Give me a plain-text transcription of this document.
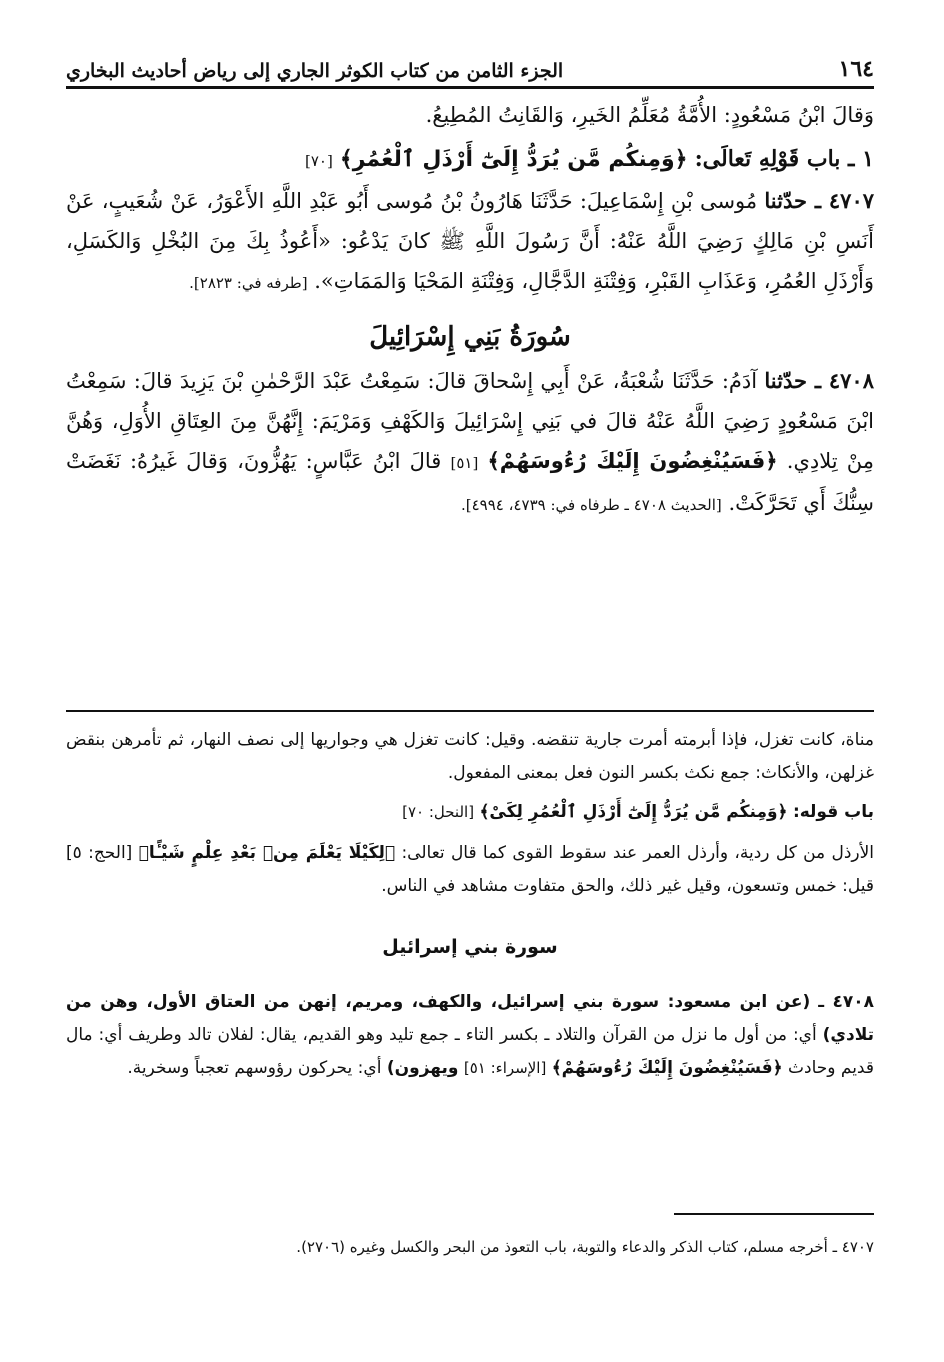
١٦٤
الجزء الثامن من كتاب الكوثر الجاري إلى رياض أحاديث البخاري

وَقالَ ابْنُ مَسْعُودٍ: الأُمَّةُ مُعَلِّمُ الخَيرِ، وَالقَانِتُ المُطِيعُ.

١ ـ باب قَوْلِهِ تَعالَى: ﴿وَمِنكُم مَّن يُرَدُّ إِلَىٰٓ أَرْذَلِ ٱلْعُمُرِ﴾ [٧٠]

٤٧٠٧ ـ حدّثنا مُوسى بْنِ إِسْمَاعِيلَ: حَدَّثَنَا هَارُونُ بْنُ مُوسى أَبُو عَبْدِ اللَّهِ الأَعْوَرُ، عَنْ شُعَيبٍ، عَنْ أَنَسِ بْنِ مَالِكٍ رَضِيَ اللَّهُ عَنْهُ: أَنَّ رَسُولَ اللَّهِ ﷺ كانَ يَدْعُو: «أَعُوذُ بِكَ مِنَ البُخْلِ وَالكَسَلِ، وَأَرْذَلِ العُمُرِ، وَعَذَابِ القَبْرِ، وَفِتْنَةِ الدَّجَّالِ، وَفِتْنَةِ المَحْيَا وَالمَمَاتِ». [طرفه في: ٢٨٢٣].

سُورَةُ بَنِي إِسْرَائِيلَ

٤٧٠٨ ـ حدّثنا آدَمُ: حَدَّثَنَا شُعْبَةُ، عَنْ أَبِي إِسْحاقَ قالَ: سَمِعْتُ عَبْدَ الرَّحْمٰنِ بْنَ يَزِيدَ قالَ: سَمِعْتُ ابْنَ مَسْعُودٍ رَضِيَ اللَّهُ عَنْهُ قالَ في بَنِي إِسْرَائِيلَ وَالكَهْفِ وَمَرْيَمَ: إِنَّهُنَّ مِنَ العِتَاقِ الأُوَلِ، وَهُنَّ مِنْ تِلادِي. ﴿فَسَيُنْغِضُونَ إِلَيْكَ رُءُوسَهُمْ﴾ [٥١] قالَ ابْنُ عَبَّاسٍ: يَهُزُّونَ، وَقالَ غَيرُهُ: نَغَضَتْ سِنُّكَ أَي تَحَرَّكَتْ. [الحديث ٤٧٠٨ ـ طرفاه في: ٤٧٣٩، ٤٩٩٤].

مناة، كانت تغزل، فإذا أبرمته أمرت جارية تنقضه. وقيل: كانت تغزل هي وجواريها إلى نصف النهار، ثم تأمرهن بنقض غزلهن، والأنكاث: جمع نكث بكسر النون فعل بمعنى المفعول.

باب قوله: ﴿وَمِنكُم مَّن يُرَدُّ إِلَىٰٓ أَرْذَلِ ٱلْعُمُرِ لِكَىْ﴾ [النحل: ٧٠]

الأرذل من كل ردية، وأرذل العمر عند سقوط القوى كما قال تعالى: ﴿لِكَيْلَا يَعْلَمَ مِنۢ بَعْدِ عِلْمٍ شَيْـًٔا﴾ [الحج: ٥] قيل: خمس وتسعون، وقيل غير ذلك، والحق متفاوت مشاهد في الناس.

سورة بني إسرائيل

٤٧٠٨ ـ (عن ابن مسعود: سورة بني إسرائيل، والكهف، ومريم، إنهن من العتاق الأول، وهن من تلادي) أي: من أول ما نزل من القرآن والتلاد ـ بكسر التاء ـ جمع تليد وهو القديم، يقال: لفلان تالد وطريف أي: مال قديم وحادث ﴿فَسَيُنْغِضُونَ إِلَيْكَ رُءُوسَهُمْ﴾ [الإسراء: ٥١] ويهزون) أي: يحركون رؤوسهم تعجباً وسخرية.

٤٧٠٧ ـ أخرجه مسلم، كتاب الذكر والدعاء والتوبة، باب التعوذ من البحر والكسل وغيره (٢٧٠٦).
